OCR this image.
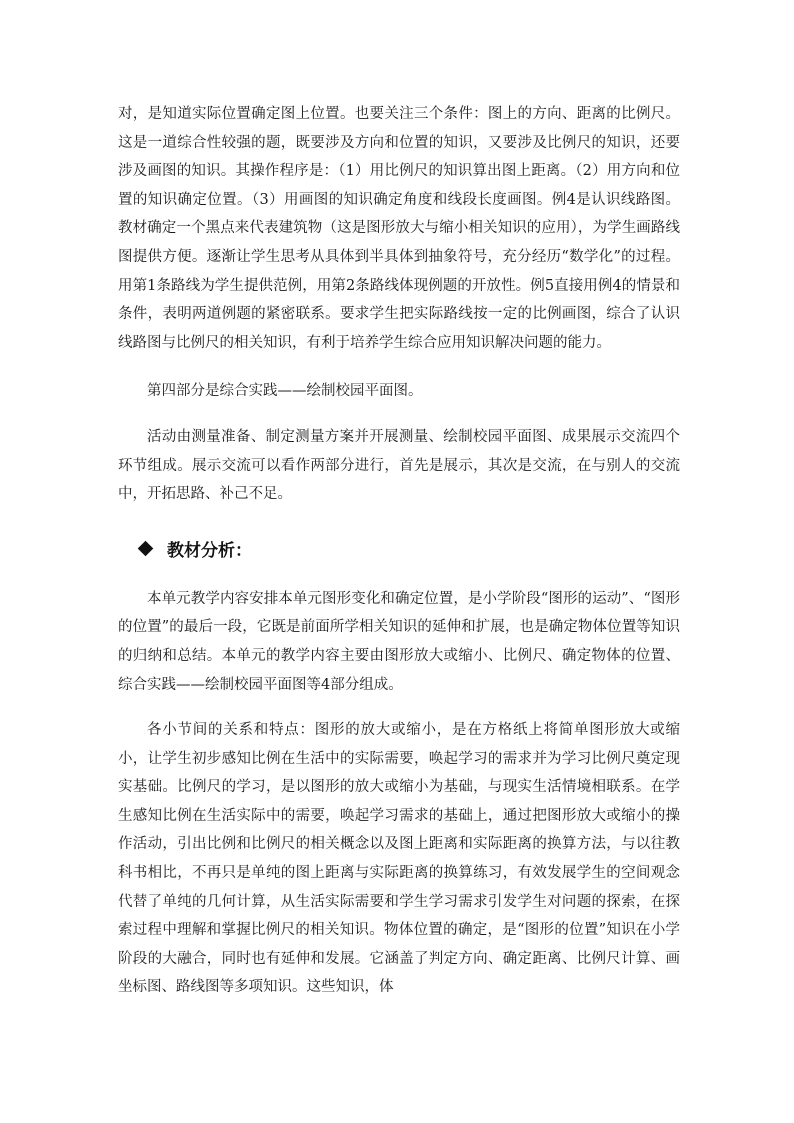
对，是知道实际位置确定图上位置。也要关注三个条件：图上的方向、距离的比例尺。这是一道综合性较强的题，既要涉及方向和位置的知识，又要涉及比例尺的知识，还要涉及画图的知识。其操作程序是：（1）用比例尺的知识算出图上距离。（2）用方向和位置的知识确定位置。（3）用画图的知识确定角度和线段长度画图。例4是认识线路图。教材确定一个黑点来代表建筑物（这是图形放大与缩小相关知识的应用），为学生画路线图提供方便。逐渐让学生思考从具体到半具体到抽象符号，充分经历“数学化”的过程。用第1条路线为学生提供范例，用第2条路线体现例题的开放性。例5直接用例4的情景和条件，表明两道例题的紧密联系。要求学生把实际路线按一定的比例画图，综合了认识线路图与比例尺的相关知识，有利于培养学生综合应用知识解决问题的能力。

第四部分是综合实践——绘制校园平面图。

活动由测量准备、制定测量方案并开展测量、绘制校园平面图、成果展示交流四个环节组成。展示交流可以看作两部分进行，首先是展示，其次是交流，在与别人的交流中，开拓思路、补己不足。

教材分析：

本单元教学内容安排本单元图形变化和确定位置，是小学阶段“图形的运动”、“图形的位置”的最后一段，它既是前面所学相关知识的延伸和扩展，也是确定物体位置等知识的归纳和总结。本单元的教学内容主要由图形放大或缩小、比例尺、确定物体的位置、综合实践——绘制校园平面图等4部分组成。

各小节间的关系和特点：图形的放大或缩小，是在方格纸上将简单图形放大或缩小，让学生初步感知比例在生活中的实际需要，唤起学习的需求并为学习比例尺奠定现实基础。比例尺的学习，是以图形的放大或缩小为基础，与现实生活情境相联系。在学生感知比例在生活实际中的需要，唤起学习需求的基础上，通过把图形放大或缩小的操作活动，引出比例和比例尺的相关概念以及图上距离和实际距离的换算方法，与以往教科书相比，不再只是单纯的图上距离与实际距离的换算练习，有效发展学生的空间观念代替了单纯的几何计算，从生活实际需要和学生学习需求引发学生对问题的探索，在探索过程中理解和掌握比例尺的相关知识。物体位置的确定，是“图形的位置”知识在小学阶段的大融合，同时也有延伸和发展。它涵盖了判定方向、确定距离、比例尺计算、画坐标图、路线图等多项知识。这些知识，体
